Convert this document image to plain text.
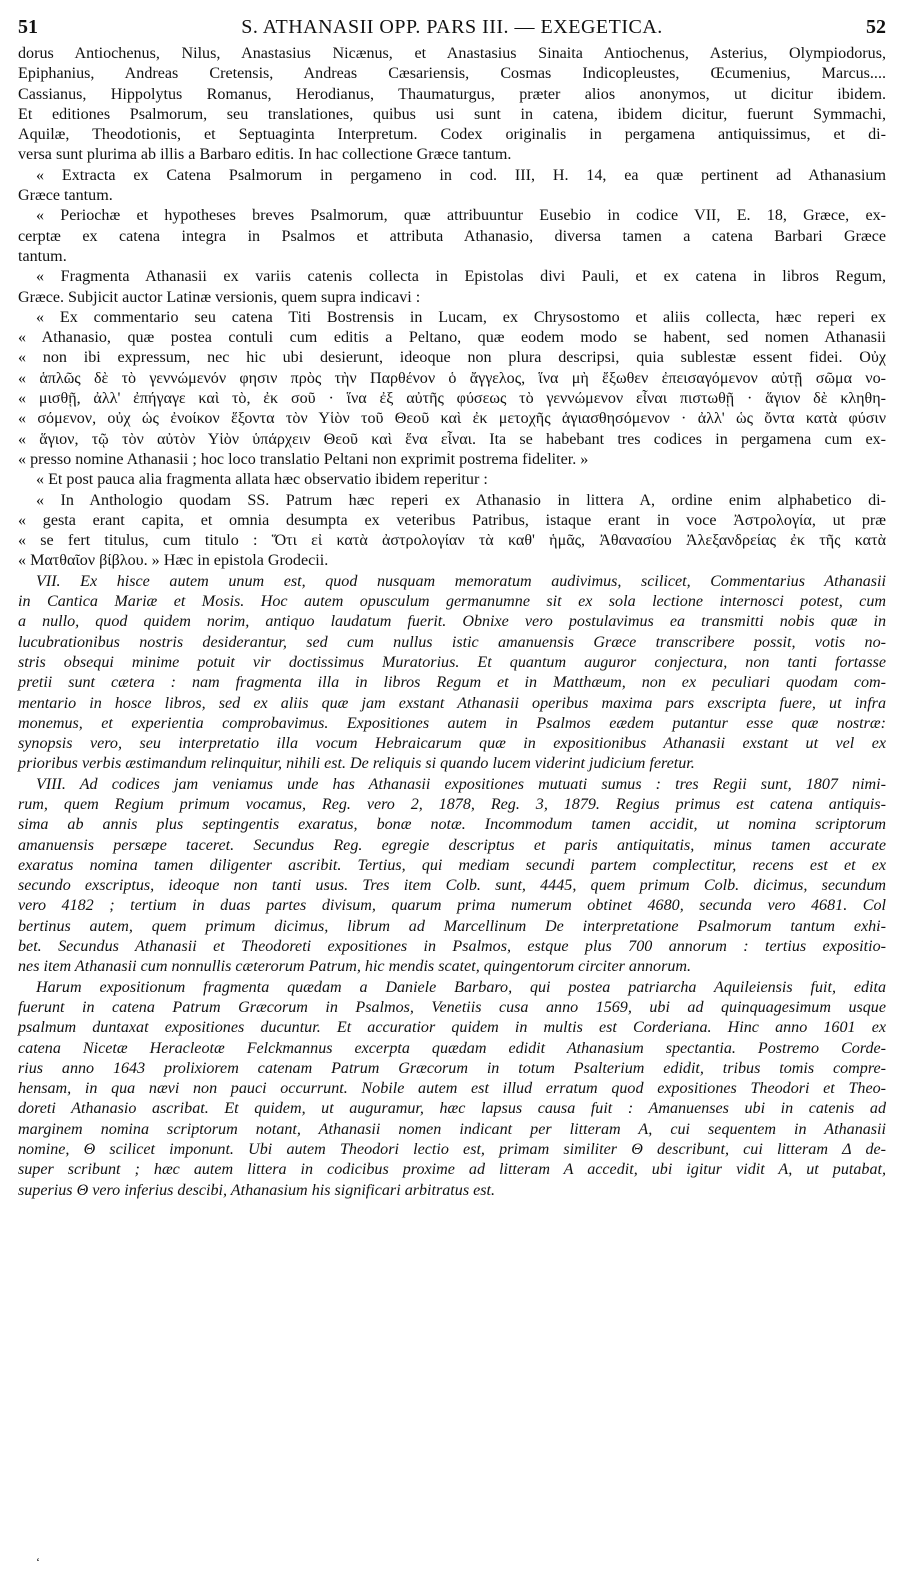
51	S. ATHANASII OPP. PARS III. — EXEGETICA.	52
dorus Antiochenus, Nilus, Anastasius Nicænus, et Anastasius Sinaita Antiochenus, Asterius, Olympiodorus,
Epiphanius, Andreas Cretensis, Andreas Cæsariensis, Cosmas Indicopleustes, Œcumenius, Marcus....
Cassianus, Hippolytus Romanus, Herodianus, Thaumaturgus, præter alios anonymos, ut dicitur ibidem.
Et editiones Psalmorum, seu translationes, quibus usi sunt in catena, ibidem dicitur, fuerunt Symmachi,
Aquilæ, Theodotionis, et Septuaginta Interpretum. Codex originalis in pergamena antiquissimus, et di-
versa sunt plurima ab illis a Barbaro editis. In hac collectione Græce tantum.
« Extracta ex Catena Psalmorum in pergameno in cod. III, H. 14, ea quæ pertinent ad Athanasium
Græce tantum.
« Periochæ et hypotheses breves Psalmorum, quæ attribuuntur Eusebio in codice VII, E. 18, Græce, ex-
cerptæ ex catena integra in Psalmos et attributa Athanasio, diversa tamen a catena Barbari Græce
tantum.
« Fragmenta Athanasii ex variis catenis collecta in Epistolas divi Pauli, et ex catena in libros Regum,
Græce. Subjicit auctor Latinæ versionis, quem supra indicavi :
« Ex commentario seu catena Titi Bostrensis in Lucam, ex Chrysostomo et aliis collecta, hæc reperi ex
« Athanasio, quæ postea contuli cum editis a Peltano, quæ eodem modo se habent, sed nomen Athanasii
« non ibi expressum, nec hic ubi desierunt, ideoque non plura descripsi, quia sublestæ essent fidei. Οὐχ
« ἁπλῶς δὲ τὸ γεννώμενόν φησιν πρὸς τὴν Παρθένον ὁ ἄγγελος, ἵνα μὴ ἔξωθεν ἐπεισαγόμενον αὐτῇ σῶμα νο-
« μισθῇ, ἀλλ' ἐπήγαγε καὶ τὸ, ἐκ σοῦ · ἵνα ἐξ αὐτῆς φύσεως τὸ γεννώμενον εἶναι πιστωθῇ · ἅγιον δὲ κληθη-
« σόμενον, οὐχ ὡς ἐνοίκον ἕξοντα τὸν Υἱὸν τοῦ Θεοῦ καὶ ἐκ μετοχῆς ἁγιασθησόμενον · ἀλλ' ὡς ὄντα κατὰ φύσιν
« ἅγιον, τῷ τὸν αὐτὸν Υἱὸν ὑπάρχειν Θεοῦ καὶ ἕνα εἶναι. Ita se habebant tres codices in pergamena cum ex-
« presso nomine Athanasii ; hoc loco translatio Peltani non exprimit postrema fideliter. »
« Et post pauca alia fragmenta allata hæc observatio ibidem reperitur :
« In Anthologio quodam SS. Patrum hæc reperi ex Athanasio in littera A, ordine enim alphabetico di-
« gesta erant capita, et omnia desumpta ex veteribus Patribus, istaque erant in voce Ἀστρολογία, ut præ
« se fert titulus, cum titulo : Ὅτι εἰ κατὰ ἀστρολογίαν τὰ καθ' ἡμᾶς, Ἀθανασίου Ἀλεξανδρείας ἐκ τῆς κατὰ
« Ματθαῖον βίβλου. » Hæc in epistola Grodecii.
VII. Ex hisce autem unum est, quod nusquam memoratum audivimus, scilicet, Commentarius Athanasii
in Cantica Mariæ et Mosis. Hoc autem opusculum germanumne sit ex sola lectione internosci potest, cum
a nullo, quod quidem norim, antiquo laudatum fuerit. Obnixe vero postulavimus ea transmitti nobis quæ in
lucubrationibus nostris desiderantur, sed cum nullus istic amanuensis Græce transcribere possit, votis no-
stris obsequi minime potuit vir doctissimus Muratorius. Et quantum auguror conjectura, non tanti fortasse
pretii sunt cætera : nam fragmenta illa in libros Regum et in Matthæum, non ex peculiari quodam com-
mentario in hosce libros, sed ex aliis quæ jam exstant Athanasii operibus maxima pars exscripta fuere, ut infra
monemus, et experientia comprobavimus. Expositiones autem in Psalmos eædem putantur esse quæ nostræ:
synopsis vero, seu interpretatio illa vocum Hebraicarum quæ in expositionibus Athanasii exstant ut vel ex
prioribus verbis æstimandum relinquitur, nihili est. De reliquis si quando lucem viderint judicium feretur.
VIII. Ad codices jam veniamus unde has Athanasii expositiones mutuati sumus : tres Regii sunt, 1807 nimi-
rum, quem Regium primum vocamus, Reg. vero 2, 1878, Reg. 3, 1879. Regius primus est catena antiquis-
sima ab annis plus septingentis exaratus, bonæ notæ. Incommodum tamen accidit, ut nomina scriptorum
amanuensis persæpe taceret. Secundus Reg. egregie descriptus et paris antiquitatis, minus tamen accurate
exaratus nomina tamen diligenter ascribit. Tertius, qui mediam secundi partem complectitur, recens est et ex
secundo exscriptus, ideoque non tanti usus. Tres item Colb. sunt, 4445, quem primum Colb. dicimus, secundum
vero 4182 ; tertium in duas partes divisum, quarum prima numerum obtinet 4680, secunda vero 4681. Col
bertinus autem, quem primum dicimus, librum ad Marcellinum De interpretatione Psalmorum tantum exhi-
bet. Secundus Athanasii et Theodoreti expositiones in Psalmos, estque plus 700 annorum : tertius expositio-
nes item Athanasii cum nonnullis cæterorum Patrum, hic mendis scatet, quingentorum circiter annorum.
Harum expositionum fragmenta quædam a Daniele Barbaro, qui postea patriarcha Aquileiensis fuit, edita
fuerunt in catena Patrum Græcorum in Psalmos, Venetiis cusa anno 1569, ubi ad quinquagesimum usque
psalmum duntaxat expositiones ducuntur. Et accuratior quidem in multis est Corderiana. Hinc anno 1601 ex
catena Nicetæ Heracleotæ Felckmannus excerpta quædam edidit Athanasium spectantia. Postremo Corde-
rius anno 1643 prolixiorem catenam Patrum Græcorum in totum Psalterium edidit, tribus tomis compre-
hensam, in qua nævi non pauci occurrunt. Nobile autem est illud erratum quod expositiones Theodori et Theo-
doreti Athanasio ascribat. Et quidem, ut auguramur, hæc lapsus causa fuit : Amanuenses ubi in catenis ad
marginem nomina scriptorum notant, Athanasii nomen indicant per litteram A, cui sequentem in Athanasii
nomine, Θ scilicet imponunt. Ubi autem Theodori lectio est, primam similiter Θ describunt, cui litteram Δ de-
super scribunt ; hæc autem littera in codicibus proxime ad litteram A accedit, ubi igitur vidit A, ut putabat,
superius Θ vero inferius descibi, Athanasium his significari arbitratus est.
‘
